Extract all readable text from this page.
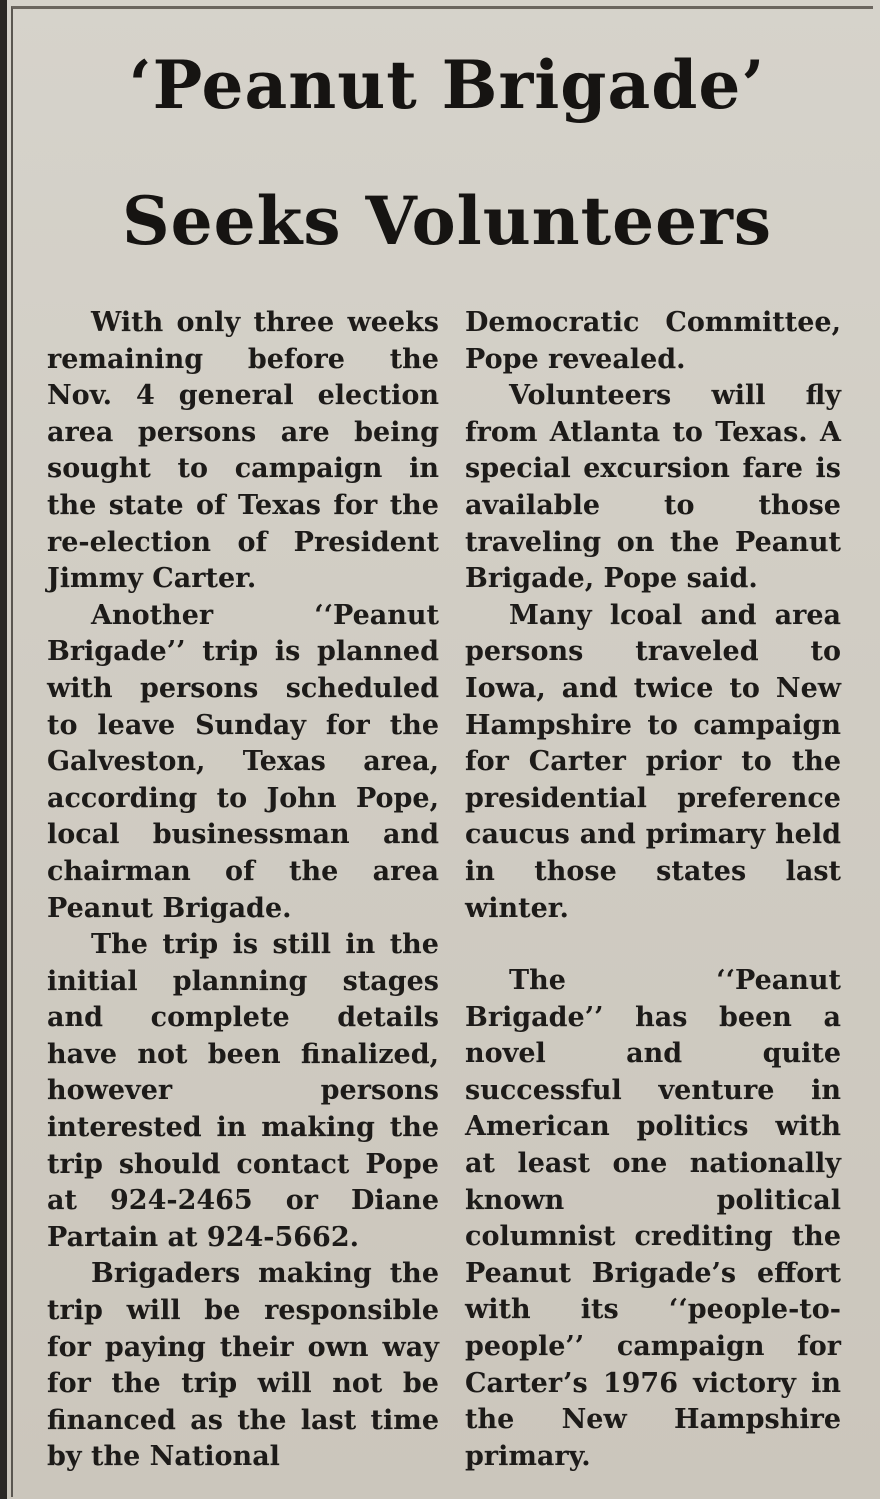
‘Peanut Brigade’
Seeks Volunteers

With only three weeks remaining before the Nov. 4 general election area persons are being sought to campaign in the state of Texas for the re-election of President Jimmy Carter.

Another ‘‘Peanut Brigade’’ trip is planned with persons scheduled to leave Sunday for the Galveston, Texas area, according to John Pope, local businessman and chairman of the area Peanut Brigade.

The trip is still in the initial planning stages and complete details have not been finalized, however persons interested in making the trip should contact Pope at 924-2465 or Diane Partain at 924-5662.

Brigaders making the trip will be responsible for paying their own way for the trip will not be financed as the last time by the National

Democratic Committee, Pope revealed.

Volunteers will fly from Atlanta to Texas. A special excursion fare is available to those traveling on the Peanut Brigade, Pope said.

Many lcoal and area persons traveled to Iowa, and twice to New Hampshire to campaign for Carter prior to the presidential preference caucus and primary held in those states last winter.

The ‘‘Peanut Brigade’’ has been a novel and quite successful venture in American politics with at least one nationally known political columnist crediting the Peanut Brigade’s effort with its ‘‘people-to-people’’ campaign for Carter’s 1976 victory in the New Hampshire primary.
